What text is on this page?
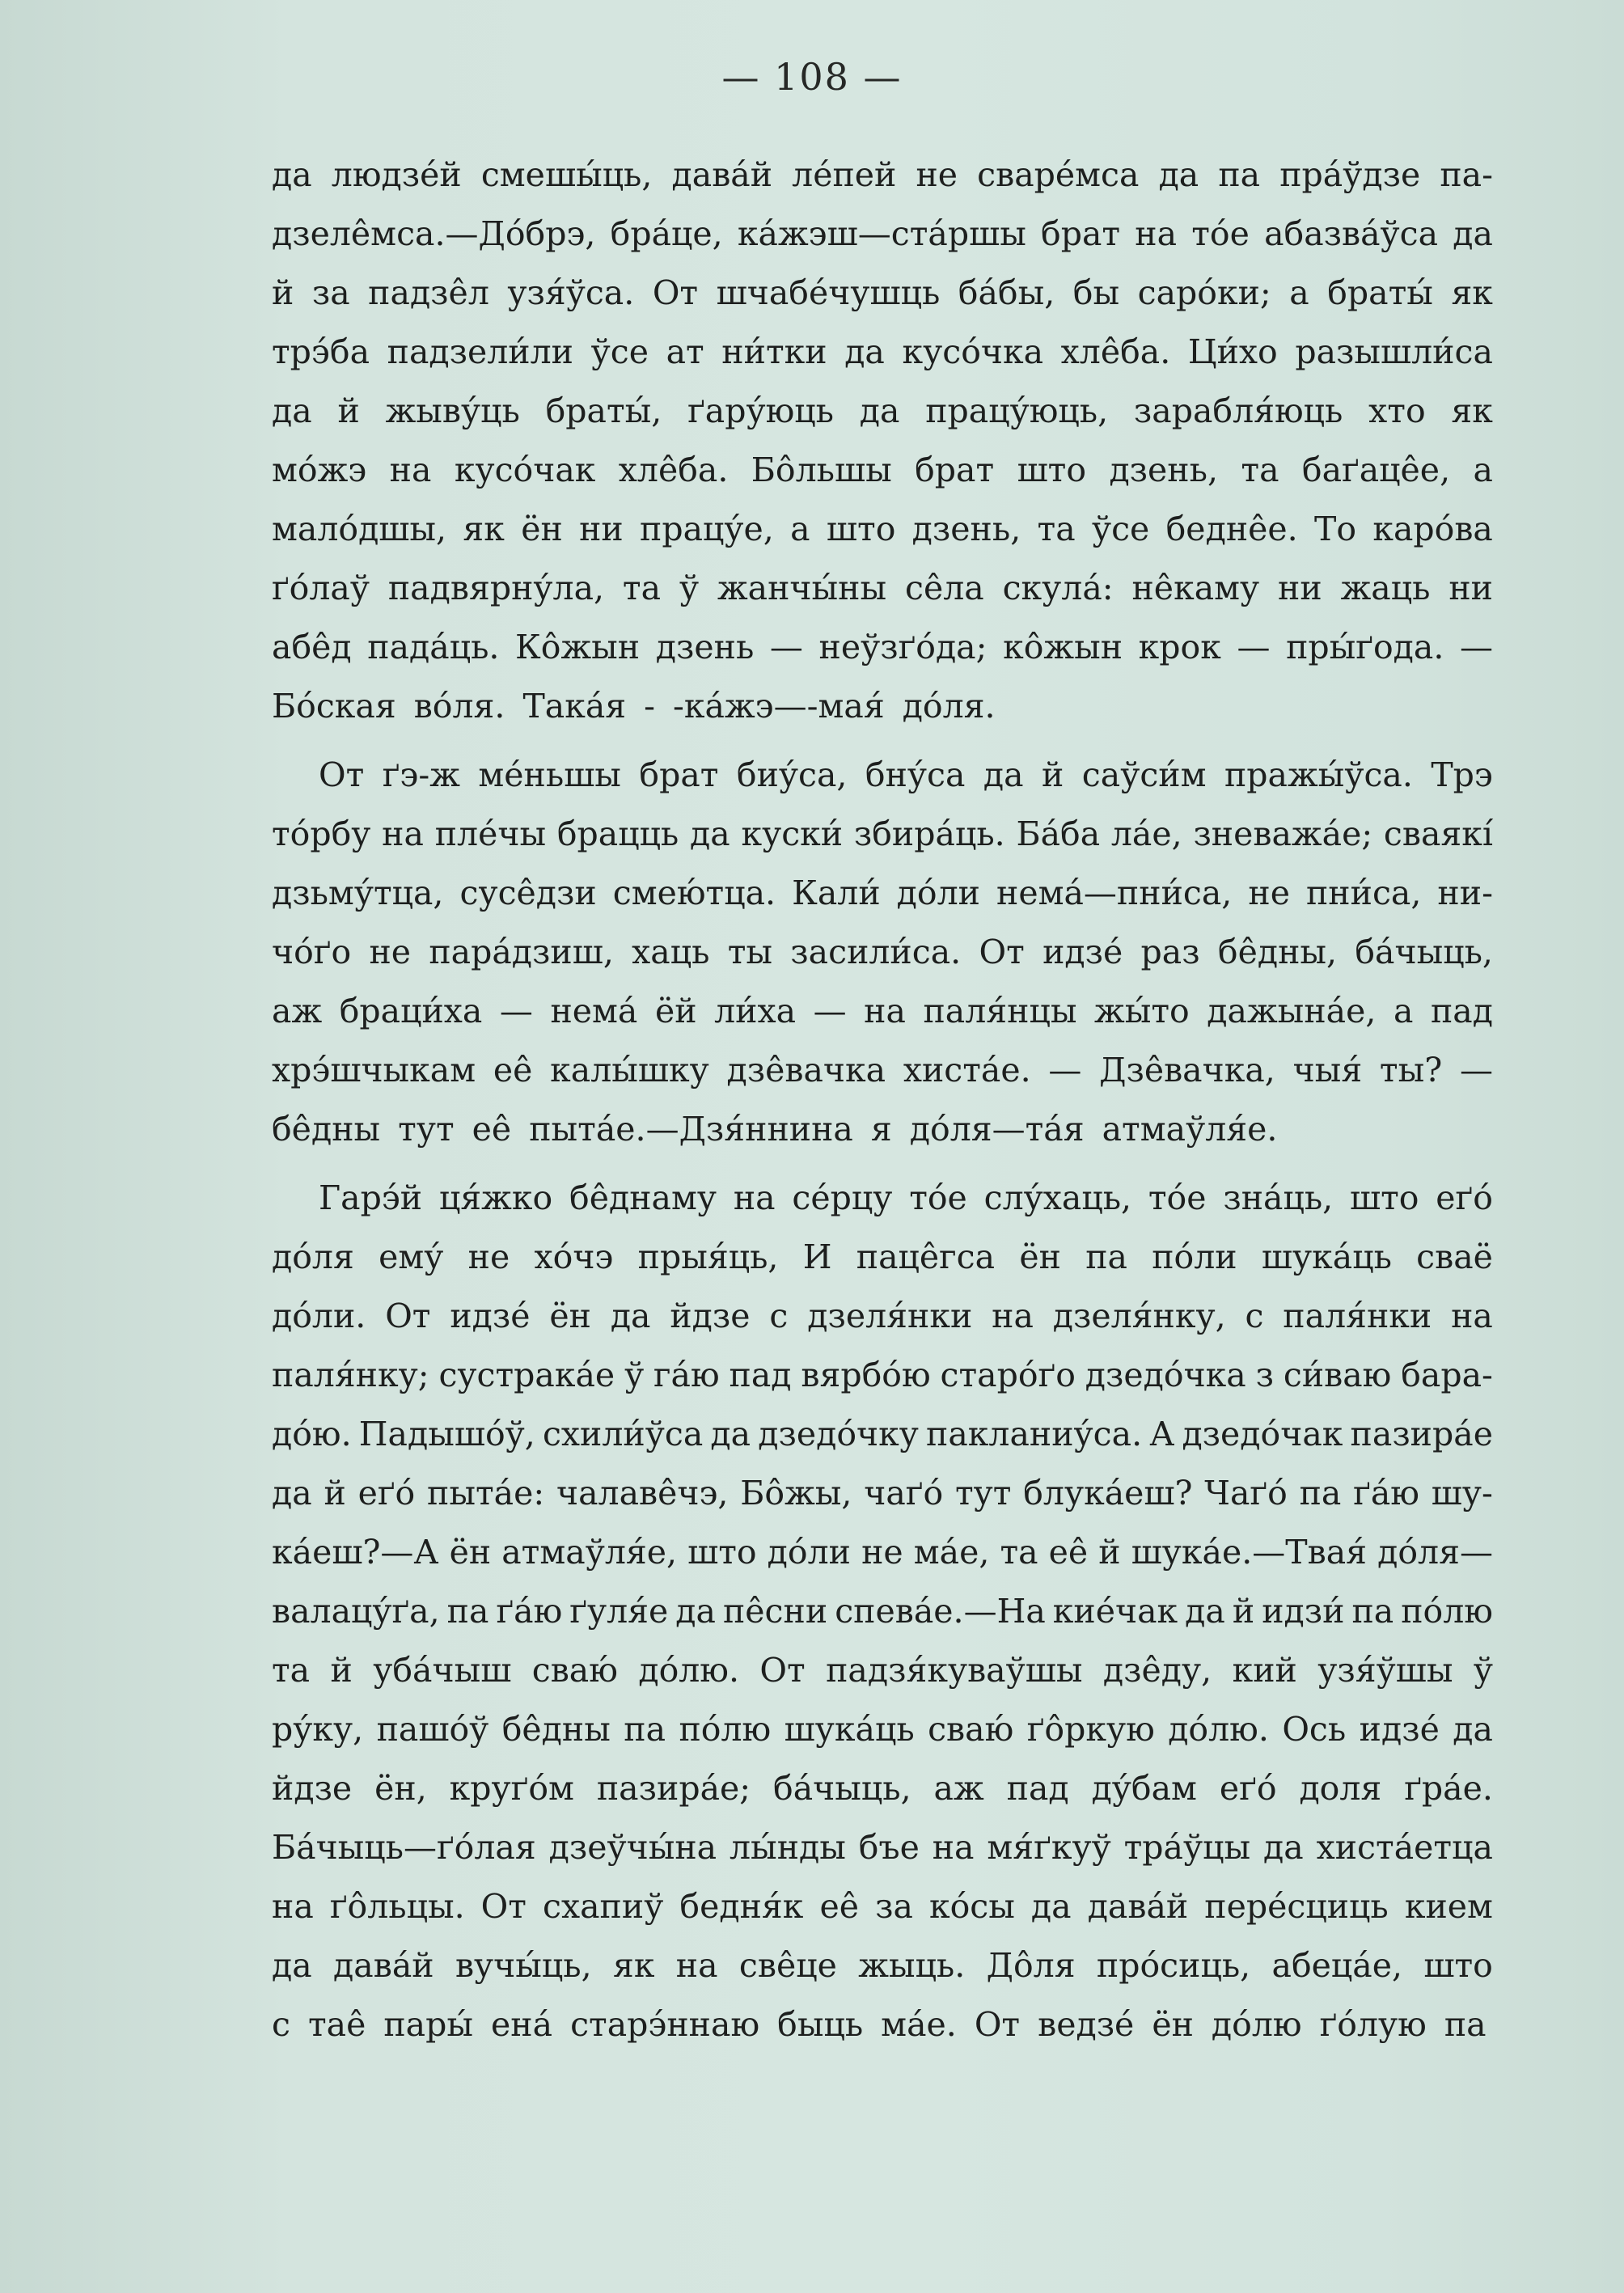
— 108 —
да людзе́й смешы́ць, дава́й ле́пей не сваре́мса да па пра́ўдзе па-
дзеле̂мса.—До́брэ, бра́це, ка́жэш—ста́ршы брат на то́е абазва́ўса да
й за падзе̂л узя́ўса. От шчабе́чушць ба́бы, бы саро́ки; а браты́ як
трэ́ба падзели́ли ўсе ат ни́тки да кусо́чка хле̂ба. Ци́хо разышли́са
да й жыву́ць браты́, ґару́юць да працу́юць, зарабля́юць хто як
мо́жэ на кусо́чак хле̂ба. Бо̂льшы брат што дзень, та баґаце̂е, а
мало́дшы, як ён ни працу́е, а што дзень, та ўсе бедне̂е. То каро́ва
ґо́лаў падвярну́ла, та ў жанчы́ны се̂ла скула́: не̂каму ни жаць ни
абе̂д пада́ць. Ко̂жын дзень — неўзґо́да; ко̂жын крок — пры́ґода. —
Бо́ская во́ля. Така́я - -ка́жэ—-мая́ до́ля.
От ґэ-ж ме́ньшы брат биу́са, бну́са да й саўси́м пражы́ўса. Трэ
то́рбу на пле́чы брацць да куски́ збира́ць. Ба́ба ла́е, зневажа́е; сваякі́
дзьму́тца, сусе̂дзи смею́тца. Кали́ до́ли нема́—пни́са, не пни́са, ни-
чо́ґо не пара́дзиш, хаць ты засили́са. От идзе́ раз бе̂дны, ба́чыць,
аж браци́ха — нема́ ёй ли́ха — на паля́нцы жы́то дажына́е, а пад
хрэ́шчыкам ее̂ калы́шку дзе̂вачка хиста́е. — Дзе̂вачка, чыя́ ты? —
бе̂дны тут ее̂ пыта́е.—Дзя́ннина я до́ля—та́я атмаўля́е.
Гарэ́й ця́жко бе̂днаму на се́рцу то́е слу́хаць, то́е зна́ць, што еґо́
до́ля ему́ не хо́чэ прыя́ць, И паце̂гса ён па по́ли шука́ць сваё
до́ли. От идзе́ ён да йдзе с дзеля́нки на дзеля́нку, с паля́нки на
паля́нку; сустрака́е ў га́ю пад вярбо́ю старо́ґо дзедо́чка з си́ваю бара-
до́ю. Падышо́ў, схили́ўса да дзедо́чку пакланиу́са. А дзедо́чак пазира́е
да й еґо́ пыта́е: чалаве̂чэ, Бо̂жы, чаґо́ тут блука́еш? Чаґо́ па ґа́ю шу-
ка́еш?—А ён атмаўля́е, што до́ли не ма́е, та ее̂ й шука́е.—Твая́ до́ля—
валацу́ґа, па ґа́ю ґуля́е да пе̂сни спева́е.—На кие́чак да й идзи́ па по́лю
та й уба́чыш сваю́ до́лю. От падзя́куваўшы дзе̂ду, кий узя́ўшы ў
ру́ку, пашо́ў бе̂дны па по́лю шука́ць сваю́ ґо̂ркую до́лю. Ось идзе́ да
йдзе ён, круґо́м пазира́е; ба́чыць, аж пад ду́бам еґо́ доля ґра́е.
Ба́чыць—ґо́лая дзеўчы́на лы́нды бъе на мя́ґкуў тра́ўцы да хиста́етца
на ґо̂льцы. От схапиў бедня́к ее̂ за ко́сы да дава́й пере́сциць кием
да дава́й вучы́ць, як на све̂це жыць. До̂ля про́сиць, абеца́е, што
с тае̂ пары́ ена́ старэ́ннаю быць ма́е. От ведзе́ ён до́лю ґо́лую па
